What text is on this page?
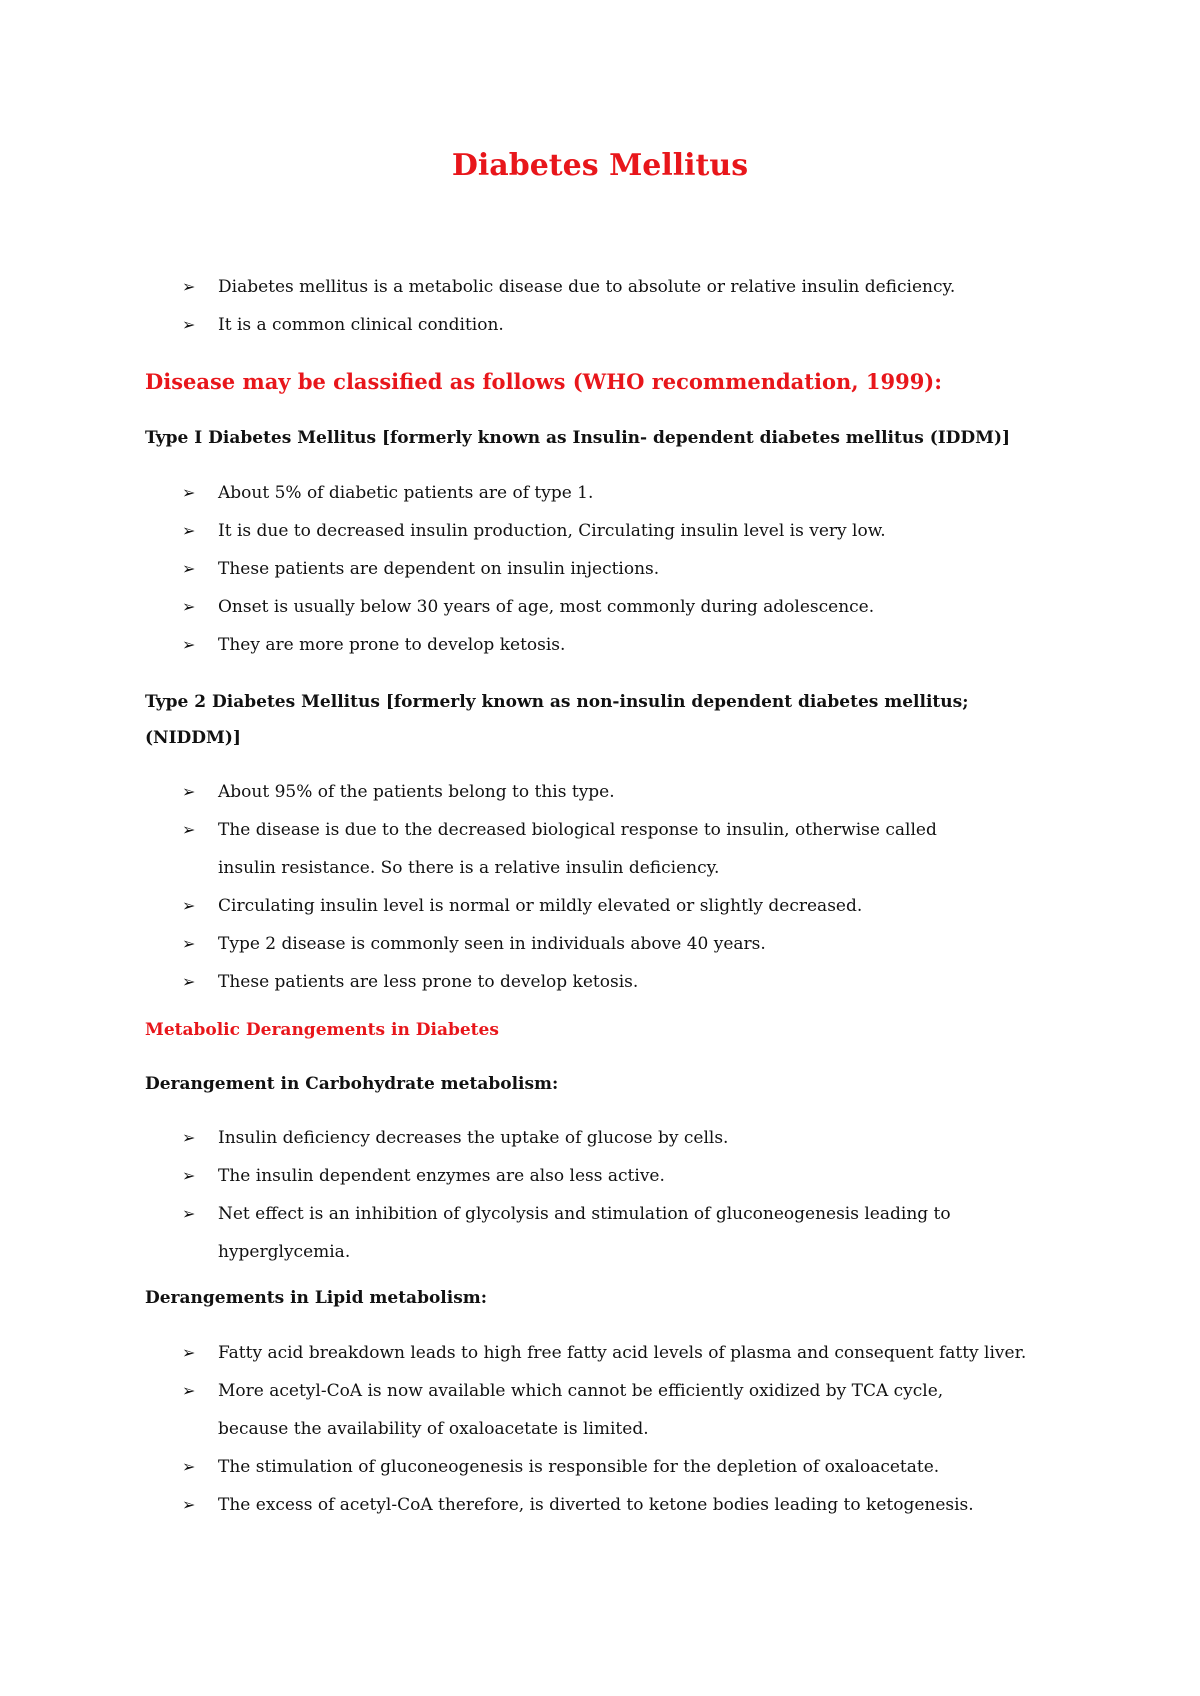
Diabetes Mellitus
➢	Diabetes mellitus is a metabolic disease due to absolute or relative insulin deficiency.
➢	It is a common clinical condition.
Disease may be classified as follows (WHO recommendation, 1999):

Type I Diabetes Mellitus [formerly known as Insulin- dependent diabetes mellitus (IDDM)]

➢	About 5% of diabetic patients are of type 1.
➢	It is due to decreased insulin production, Circulating insulin level is very low.
➢	These patients are dependent on insulin injections.
➢	Onset is usually below 30 years of age, most commonly during adolescence.
➢	They are more prone to develop ketosis.

Type 2 Diabetes Mellitus [formerly known as non-insulin dependent diabetes mellitus; (NIDDM)]

➢	About 95% of the patients belong to this type.
➢	The disease is due to the decreased biological response to insulin, otherwise called insulin resistance. So there is a relative insulin deficiency.
➢	Circulating insulin level is normal or mildly elevated or slightly decreased.
➢	Type 2 disease is commonly seen in individuals above 40 years.
➢	These patients are less prone to develop ketosis.
Metabolic Derangements in Diabetes

Derangement in Carbohydrate metabolism:

➢	Insulin deficiency decreases the uptake of glucose by cells.
➢	The insulin dependent enzymes are also less active.
➢	Net effect is an inhibition of glycolysis and stimulation of gluconeogenesis leading to hyperglycemia.

Derangements in Lipid metabolism:

➢	Fatty acid breakdown leads to high free fatty acid levels of plasma and consequent fatty liver.
➢	More acetyl-CoA is now available which cannot be efficiently oxidized by TCA cycle, because the availability of oxaloacetate is limited.
➢	The stimulation of gluconeogenesis is responsible for the depletion of oxaloacetate.
➢	The excess of acetyl-CoA therefore, is diverted to ketone bodies leading to ketogenesis.
